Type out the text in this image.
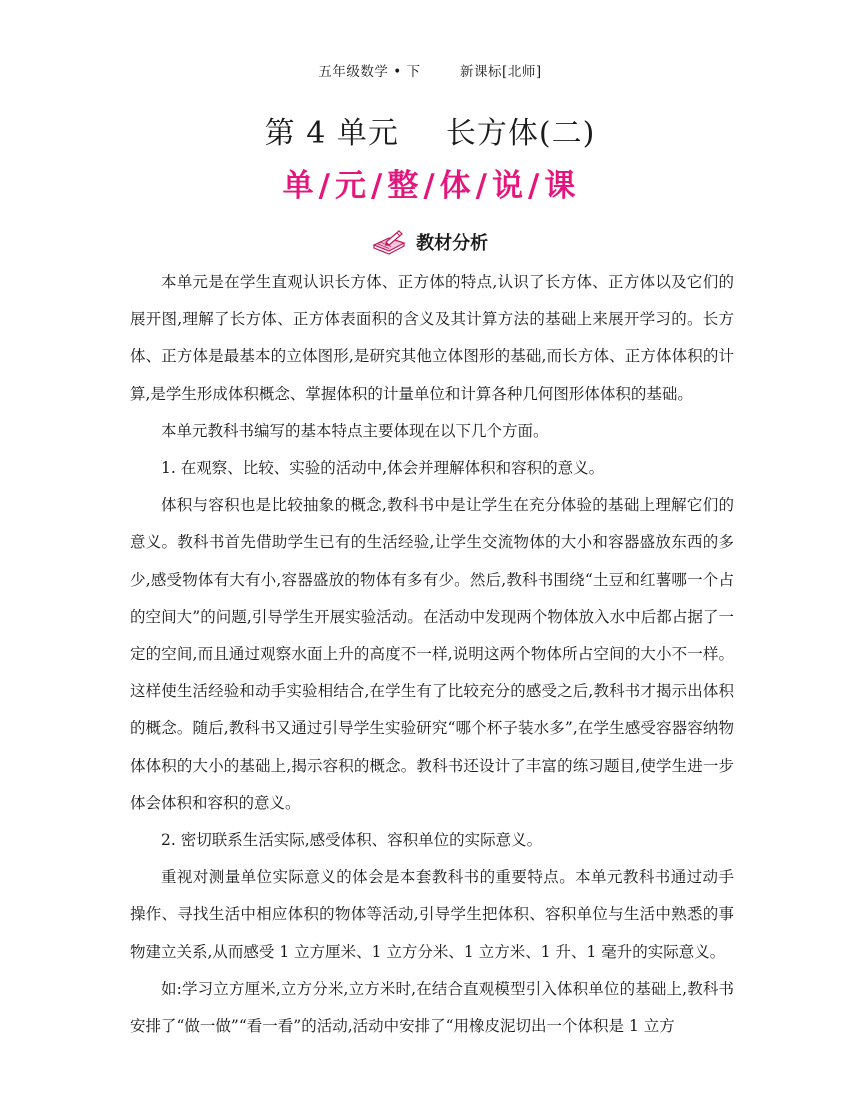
五年级数学 • 下	新课标[北师]
第 4 单元 长方体(二)
单/元/整/体/说/课
教材分析

本单元是在学生直观认识长方体、正方体的特点,认识了长方体、正方体以及它们的展开图,理解了长方体、正方体表面积的含义及其计算方法的基础上来展开学习的。长方体、正方体是最基本的立体图形,是研究其他立体图形的基础,而长方体、正方体体积的计算,是学生形成体积概念、掌握体积的计量单位和计算各种几何图形体体积的基础。

本单元教科书编写的基本特点主要体现在以下几个方面。

1. 在观察、比较、实验的活动中,体会并理解体积和容积的意义。

体积与容积也是比较抽象的概念,教科书中是让学生在充分体验的基础上理解它们的意义。教科书首先借助学生已有的生活经验,让学生交流物体的大小和容器盛放东西的多少,感受物体有大有小,容器盛放的物体有多有少。然后,教科书围绕“土豆和红薯哪一个占的空间大”的问题,引导学生开展实验活动。在活动中发现两个物体放入水中后都占据了一定的空间,而且通过观察水面上升的高度不一样,说明这两个物体所占空间的大小不一样。这样使生活经验和动手实验相结合,在学生有了比较充分的感受之后,教科书才揭示出体积的概念。随后,教科书又通过引导学生实验研究“哪个杯子装水多”,在学生感受容器容纳物体体积的大小的基础上,揭示容积的概念。教科书还设计了丰富的练习题目,使学生进一步体会体积和容积的意义。

2. 密切联系生活实际,感受体积、容积单位的实际意义。

重视对测量单位实际意义的体会是本套教科书的重要特点。本单元教科书通过动手操作、寻找生活中相应体积的物体等活动,引导学生把体积、容积单位与生活中熟悉的事物建立关系,从而感受 1 立方厘米、1 立方分米、1 立方米、1 升、1 毫升的实际意义。

如:学习立方厘米,立方分米,立方米时,在结合直观模型引入体积单位的基础上,教科书安排了“做一做”“看一看”的活动,活动中安排了“用橡皮泥切出一个体积是 1 立方
